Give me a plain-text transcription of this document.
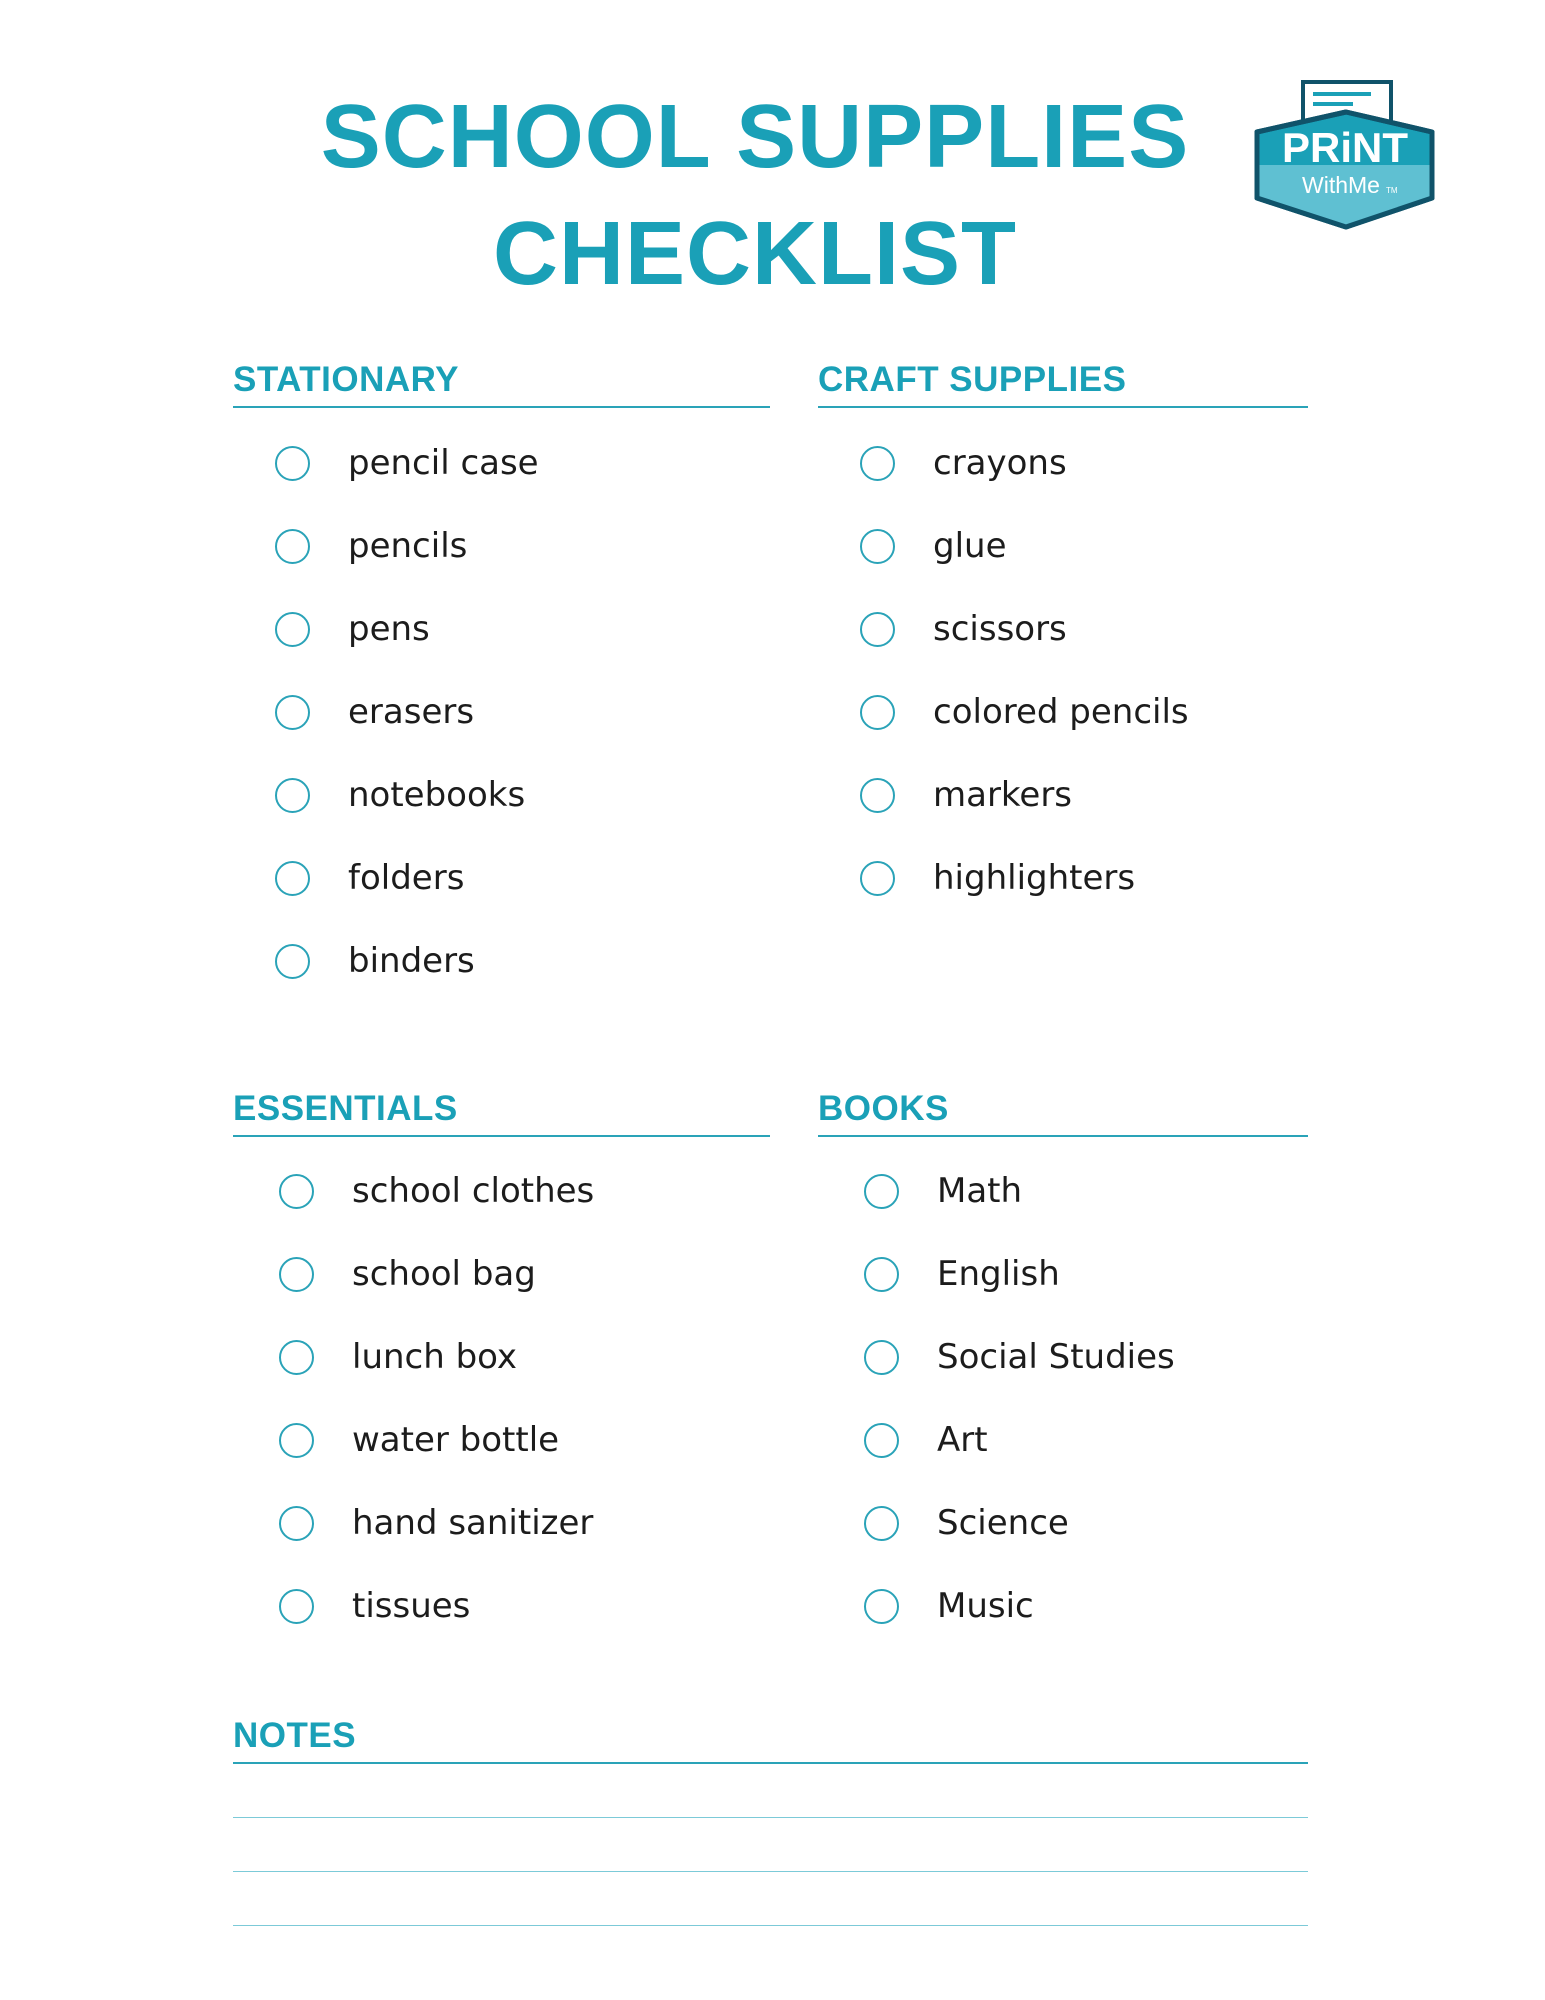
SCHOOL SUPPLIES
CHECKLIST
PRiNT
WithMe TM
STATIONARY
pencil case
pencils
pens
erasers
notebooks
folders
binders
CRAFT SUPPLIES
crayons
glue
scissors
colored pencils
markers
highlighters
ESSENTIALS
school clothes
school bag
lunch box
water bottle
hand sanitizer
tissues
BOOKS
Math
English
Social Studies
Art
Science
Music
NOTES
